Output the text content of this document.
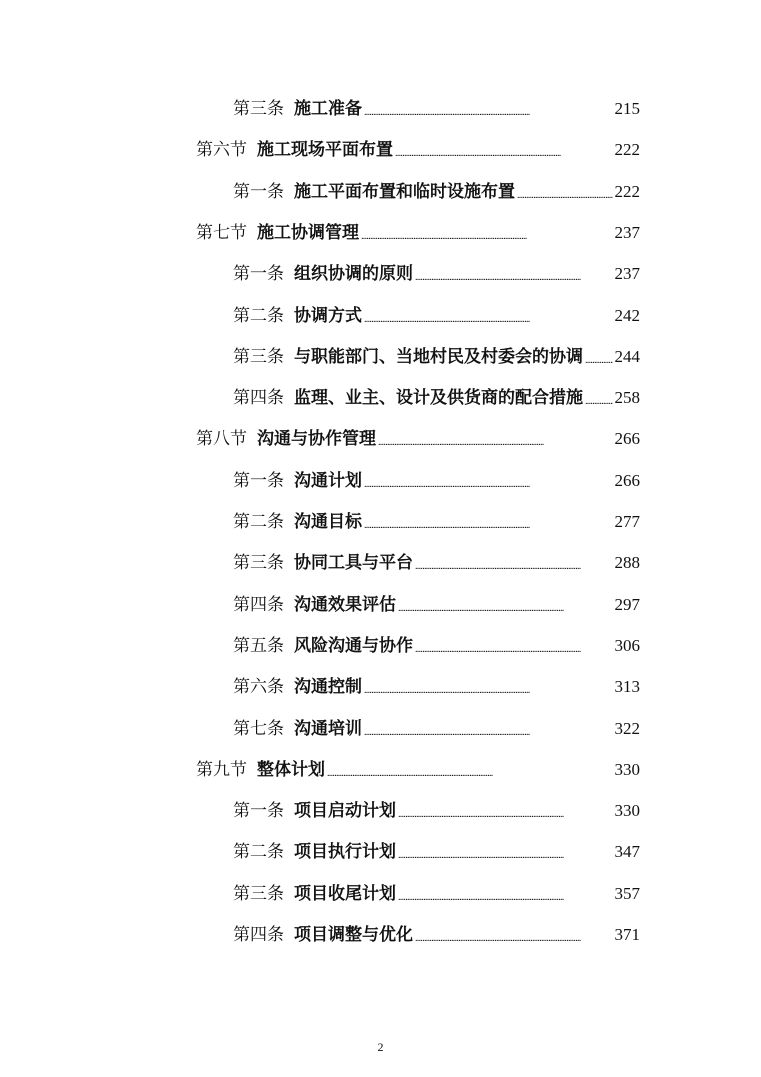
第三条 施工准备 . . .	215
第六节 施工现场平面布置 . . .	222
第一条 施工平面布置和临时设施布置 . . .	222
第七节 施工协调管理 . . .	237
第一条 组织协调的原则 . . .	237
第二条 协调方式 . . .	242
第三条 与职能部门、当地村民及村委会的协调 . . . 244
第四条 监理、业主、设计及供货商的配合措施 . . . 258
第八节 沟通与协作管理 . . .	266
第一条 沟通计划 . . .	266
第二条 沟通目标 . . .	277
第三条 协同工具与平台 . . .	288
第四条 沟通效果评估 . . .	297
第五条 风险沟通与协作 . . .	306
第六条 沟通控制 . . .	313
第七条 沟通培训 . . .	322
第九节 整体计划 . . .	330
第一条 项目启动计划 . . .	330
第二条 项目执行计划 . . .	347
第三条 项目收尾计划 . . .	357
第四条 项目调整与优化 . . .	371
2
